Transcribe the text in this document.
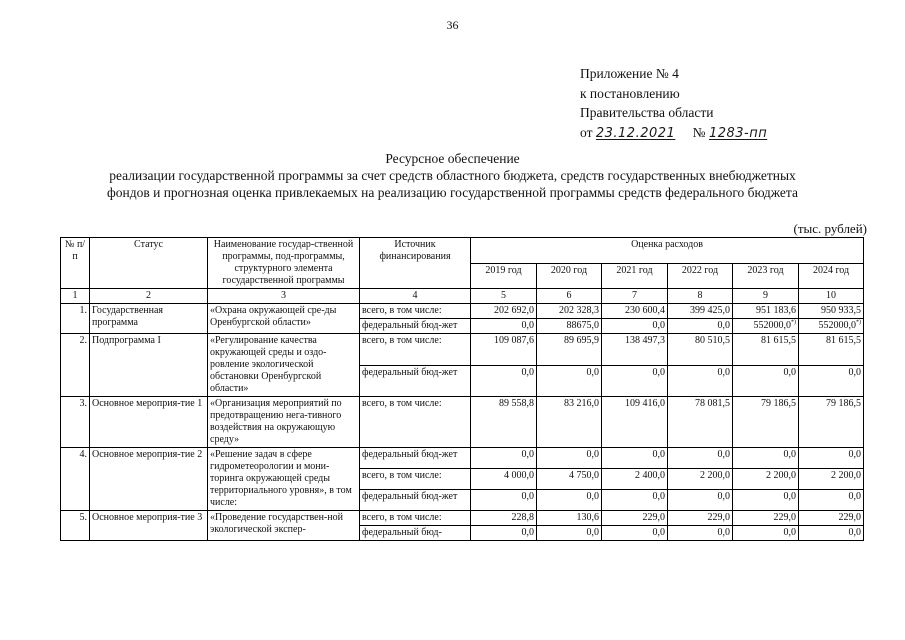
36
Приложение № 4
к постановлению
Правительства области
от 23.12.2021 № 1283-пп
Ресурсное обеспечение
реализации государственной программы за счет средств областного бюджета, средств государственных внебюджетных
фондов и прогнозная оценка привлекаемых на реализацию государственной программы средств федерального бюджета
(тыс. рублей)
№ п/п	Статус	Наименование государ-ственной программы, под-программы, структурного элемента государственной программы	Источник финансирования	Оценка расходов					
				2019 год	2020 год	2021 год	2022 год	2023 год	2024 год
1	2	3	4	5	6	7	8	9	10
1.	Государственная программа	«Охрана окружающей сре-ды Оренбургской области»	всего, в том числе:	202 692,0	202 328,3	230 600,4	399 425,0	951 183,6	950 933,5
			федеральный бюд-жет	0,0	88675,0	0,0	0,0	552000,0*)	552000,0*)
2.	Подпрограмма I	«Регулирование качества окружающей среды и оздо-ровление экологической обстановки Оренбургской области»	всего, в том числе:	109 087,6	89 695,9	138 497,3	80 510,5	81 615,5	81 615,5
			федеральный бюд-жет	0,0	0,0	0,0	0,0	0,0	0,0
3.	Основное мероприя-тие 1	«Организация мероприятий по предотвращению нега-тивного воздействия на окружающую среду»	всего, в том числе:	89 558,8	83 216,0	109 416,0	78 081,5	79 186,5	79 186,5
4.	Основное мероприя-тие 2	«Решение задач в сфере гидрометеорологии и мони-торинга окружающей среды территориального уровня», в том числе:	федеральный бюд-жет	0,0	0,0	0,0	0,0	0,0	0,0
			всего, в том числе:	4 000,0	4 750,0	2 400,0	2 200,0	2 200,0	2 200,0
			федеральный бюд-жет	0,0	0,0	0,0	0,0	0,0	0,0
5.	Основное мероприя-тие 3	«Проведение государствен-ной экологической экспер-	всего, в том числе:	228,8	130,6	229,0	229,0	229,0	229,0
			федеральный бюд-	0,0	0,0	0,0	0,0	0,0	0,0
